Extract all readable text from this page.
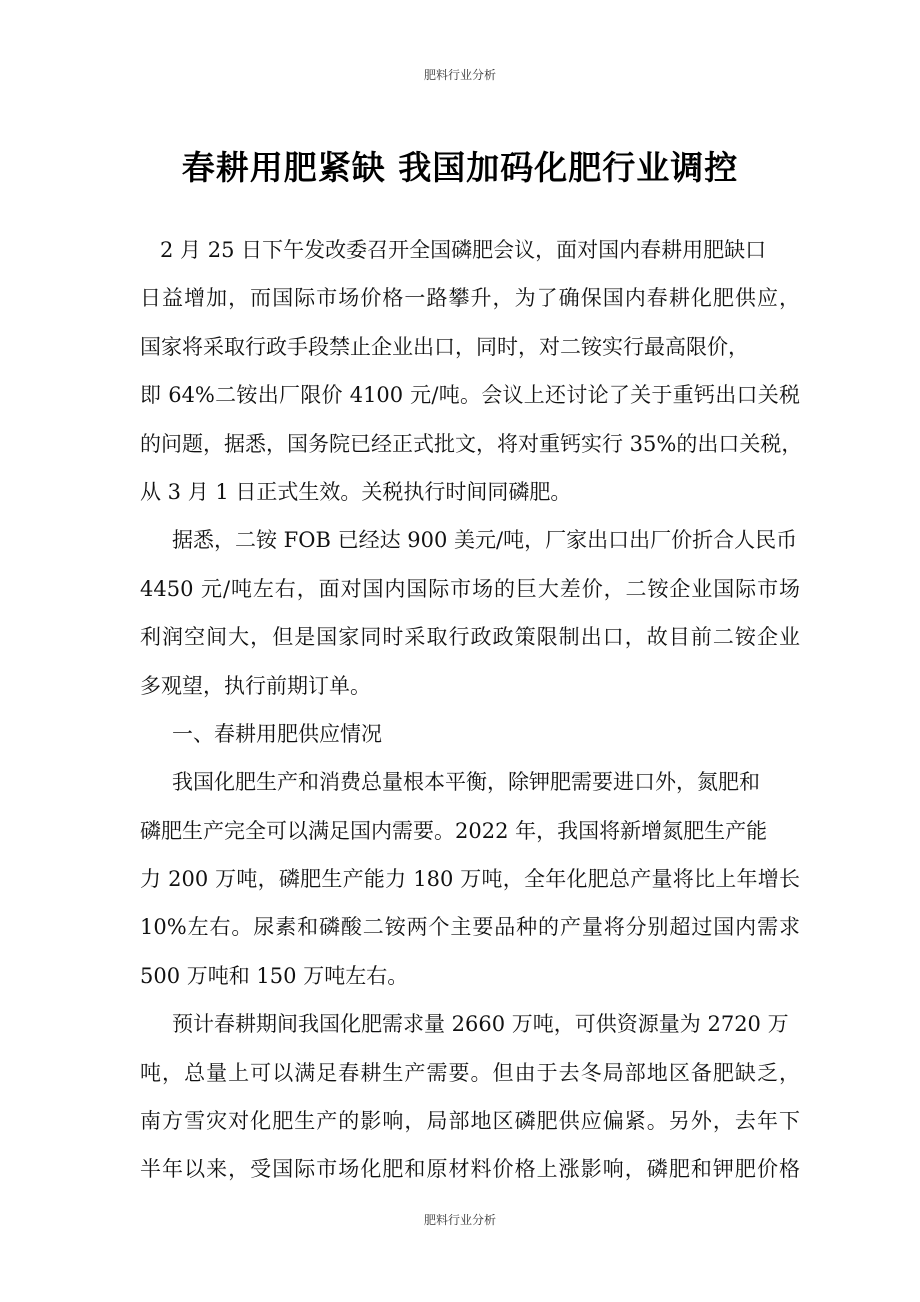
肥料行业分析
春耕用肥紧缺 我国加码化肥行业调控
2 月 25 日下午发改委召开全国磷肥会议，面对国内春耕用肥缺口
日益增加，而国际市场价格一路攀升，为了确保国内春耕化肥供应，
国家将采取行政手段禁止企业出口，同时，对二铵实行最高限价，
即 64%二铵出厂限价 4100 元/吨。会议上还讨论了关于重钙出口关税
的问题，据悉，国务院已经正式批文，将对重钙实行 35%的出口关税，
从 3 月 1 日正式生效。关税执行时间同磷肥。
据悉，二铵 FOB 已经达 900 美元/吨，厂家出口出厂价折合人民币
4450 元/吨左右，面对国内国际市场的巨大差价，二铵企业国际市场
利润空间大，但是国家同时采取行政政策限制出口，故目前二铵企业
多观望，执行前期订单。
一、春耕用肥供应情况
我国化肥生产和消费总量根本平衡，除钾肥需要进口外，氮肥和
磷肥生产完全可以满足国内需要。2022 年，我国将新增氮肥生产能
力 200 万吨，磷肥生产能力 180 万吨，全年化肥总产量将比上年增长
10%左右。尿素和磷酸二铵两个主要品种的产量将分别超过国内需求
500 万吨和 150 万吨左右。
预计春耕期间我国化肥需求量 2660 万吨，可供资源量为 2720 万
吨，总量上可以满足春耕生产需要。但由于去冬局部地区备肥缺乏，
南方雪灾对化肥生产的影响，局部地区磷肥供应偏紧。另外，去年下
半年以来，受国际市场化肥和原材料价格上涨影响，磷肥和钾肥价格
肥料行业分析
